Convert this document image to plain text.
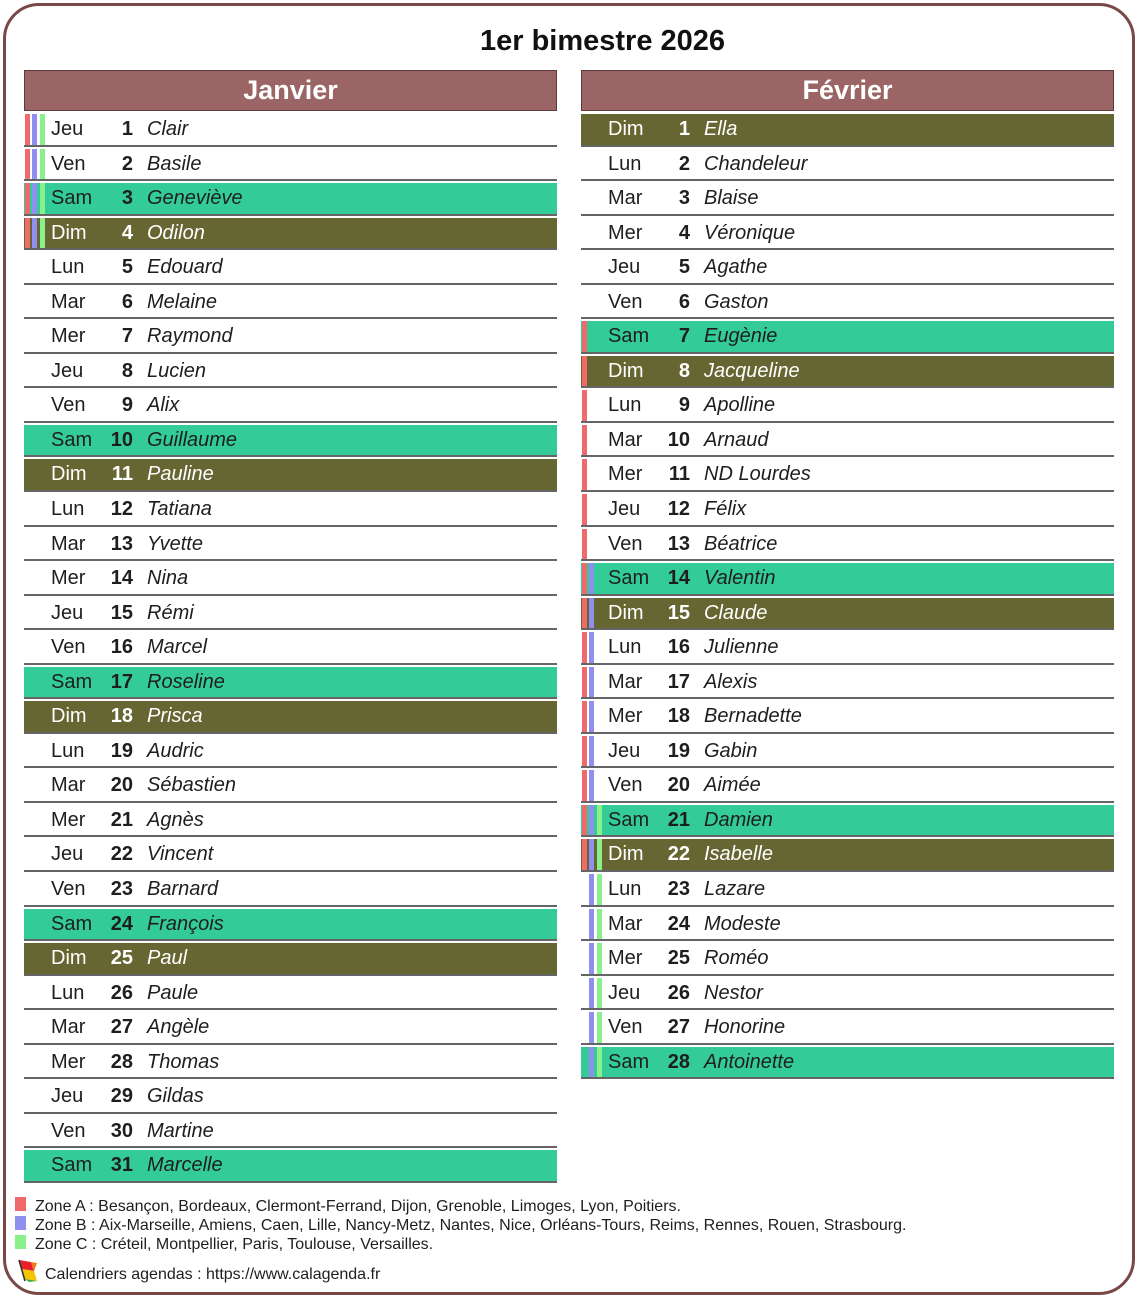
1er bimestre 2026
Janvier
Jeu	1 Clair
Ven	2 Basile
Sam	3 Geneviève
Dim	4 Odilon
Lun	5 Edouard
Mar	6 Melaine
Mer	7 Raymond
Jeu	8 Lucien
Ven	9 Alix
Sam 10 Guillaume
Dim	11 Pauline
Lun	12 Tatiana
Mar	13 Yvette
Mer	14 Nina
Jeu	15 Rémi
Ven	16 Marcel
Sam 17 Roseline
Dim	18 Prisca
Lun	19 Audric
Mar	20 Sébastien
Mer	21 Agnès
Jeu	22 Vincent
Ven	23 Barnard
Sam 24 François
Dim	25 Paul
Lun	26 Paule
Mar	27 Angèle
Mer	28 Thomas
Jeu	29 Gildas
Ven	30 Martine
Sam 31 Marcelle
Février
Dim	1 Ella
Lun	2 Chandeleur
Mar	3 Blaise
Mer	4 Véronique
Jeu	5 Agathe
Ven	6 Gaston
Sam	7 Eugènie
Dim	8 Jacqueline
Lun	9 Apolline
Mar	10 Arnaud
Mer	11 ND Lourdes
Jeu	12 Félix
Ven	13 Béatrice
Sam 14 Valentin
Dim	15 Claude
Lun	16 Julienne
Mar	17 Alexis
Mer	18 Bernadette
Jeu	19 Gabin
Ven	20 Aimée
Sam 21 Damien
Dim	22 Isabelle
Lun	23 Lazare
Mar	24 Modeste
Mer	25 Roméo
Jeu	26 Nestor
Ven	27 Honorine
Sam 28 Antoinette
Zone A : Besançon, Bordeaux, Clermont-Ferrand, Dijon, Grenoble, Limoges, Lyon, Poitiers.
Zone B : Aix-Marseille, Amiens, Caen, Lille, Nancy-Metz, Nantes, Nice, Orléans-Tours, Reims, Rennes, Rouen, Strasbourg.
Zone C : Créteil, Montpellier, Paris, Toulouse, Versailles.
Calendriers agendas : https://www.calagenda.fr
